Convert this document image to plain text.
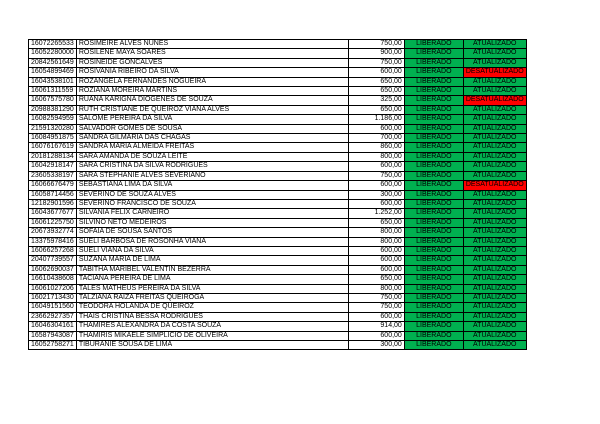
16072265533	ROSIMEIRE ALVES NUNES	750,00	LIBERADO	ATUALIZADO
16052280000	ROSILENE MAYA SOARES	900,00	LIBERADO	ATUALIZADO
20842561649	ROSINEIDE GONCALVES	750,00	LIBERADO	ATUALIZADO
16054899469	ROSIVANIA RIBEIRO DA SILVA	600,00	LIBERADO	DESATUALIZADO
16043538101	ROZANGELA FERNANDES NOGUEIRA	650,00	LIBERADO	ATUALIZADO
16061311559	ROZIANA MOREIRA MARTINS	650,00	LIBERADO	ATUALIZADO
16067575780	RUANA KARIGNA DIOGENES DE SOUZA	325,00	LIBERADO	DESATUALIZADO
20988381290	RUTH CRISTIANE DE QUEIROZ VIANA ALVES	650,00	LIBERADO	ATUALIZADO
16082594959	SALOME PEREIRA DA SILVA	1.186,00	LIBERADO	ATUALIZADO
21591320280	SALVADOR GOMES DE SOUSA	600,00	LIBERADO	ATUALIZADO
16084951875	SANDRA GILMARIA DAS CHAGAS	700,00	LIBERADO	ATUALIZADO
16076167619	SANDRA MARIA ALMEIDA FREITAS	860,00	LIBERADO	ATUALIZADO
20181288134	SARA AMANDA DE SOUZA LEITE	800,00	LIBERADO	ATUALIZADO
16042918147	SARA CRISTINA DA SILVA RODRIGUES	600,00	LIBERADO	ATUALIZADO
23605338197	SARA STEPHANIE ALVES SEVERIANO	750,00	LIBERADO	ATUALIZADO
16066676479	SEBASTIANA LIMA DA SILVA	600,00	LIBERADO	DESATUALIZADO
16058714456	SEVERINO DE SOUZA ALVES	300,00	LIBERADO	ATUALIZADO
12182901596	SEVERINO FRANCISCO DE SOUZA	600,00	LIBERADO	ATUALIZADO
16043677677	SILVANIA FELIX CARNEIRO	1.252,00	LIBERADO	ATUALIZADO
16061225750	SILVINO NETO MEDEIROS	650,00	LIBERADO	ATUALIZADO
20673932774	SOFAIA DE SOUSA SANTOS	800,00	LIBERADO	ATUALIZADO
13375978416	SUELI BARBOSA DE ROSONHA VIANA	800,00	LIBERADO	ATUALIZADO
16066257268	SUELI VIANA DA SILVA	600,00	LIBERADO	ATUALIZADO
20407739557	SUZANA MARIA DE LIMA	600,00	LIBERADO	ATUALIZADO
16062690037	TABITHA MARIBEL VALENTIN BEZERRA	600,00	LIBERADO	ATUALIZADO
16610438608	TACIANA PEREIRA DE LIMA	650,00	LIBERADO	ATUALIZADO
16061027206	TALES MATHEUS PEREIRA DA SILVA	800,00	LIBERADO	ATUALIZADO
16021713430	TALZIANA RAIZA FREITAS QUEIROGA	750,00	LIBERADO	ATUALIZADO
16049151560	TEODORA HOLANDA DE QUEIROZ	750,00	LIBERADO	ATUALIZADO
23662927357	THAIS CRISTINA BESSA RODRIGUES	600,00	LIBERADO	ATUALIZADO
16046304161	THAMIRES ALEXANDRA DA COSTA SOUZA	914,00	LIBERADO	ATUALIZADO
16587943087	THAMIRIS MIKAELE SIMPLICIO DE OLIVEIRA	600,00	LIBERADO	ATUALIZADO
16052758271	TIBURANIE SOUSA DE LIMA	300,00	LIBERADO	ATUALIZADO
